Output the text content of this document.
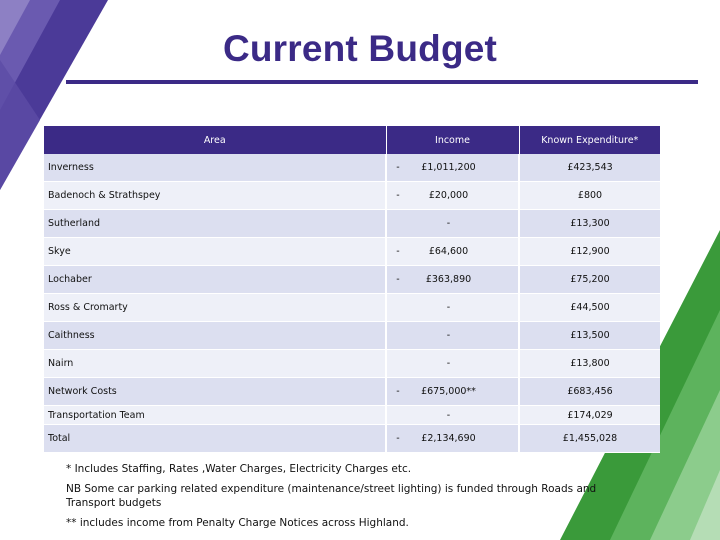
Current Budget
Area	Income	Known Expenditure*
Inverness	- £1,011,200	£423,543
Badenoch & Strathspey	- £20,000	£800
Sutherland	-	£13,300
Skye	- £64,600	£12,900
Lochaber	- £363,890	£75,200
Ross & Cromarty	-	£44,500
Caithness	-	£13,500
Nairn	-	£13,800
Network Costs	- £675,000**	£683,456
Transportation Team	-	£174,029
Total	- £2,134,690	£1,455,028

* Includes Staffing, Rates ,Water Charges, Electricity Charges etc.

NB Some car parking related expenditure (maintenance/street lighting) is funded through Roads and Transport budgets

** includes income from Penalty Charge Notices across Highland.
